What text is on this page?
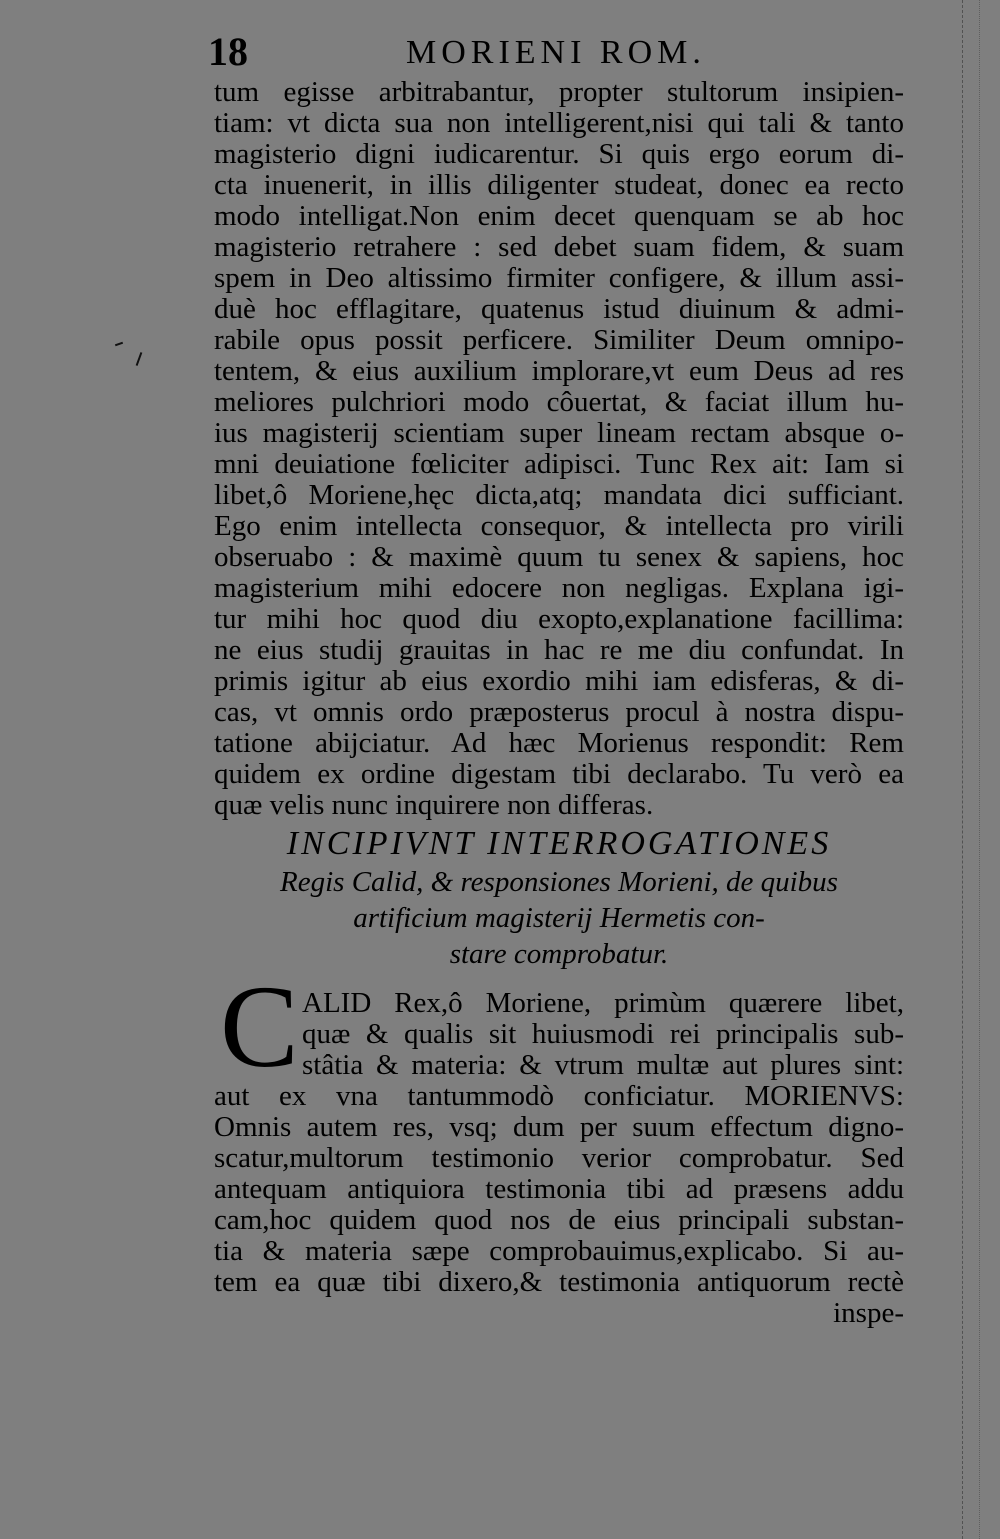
18	MORIENI ROM.
tum egisse arbitrabantur, propter stultorum insipien-
tiam: vt dicta sua non intelligerent,nisi qui tali & tanto
magisterio digni iudicarentur. Si quis ergo eorum di-
cta inuenerit, in illis diligenter studeat, donec ea recto
modo intelligat.Non enim decet quenquam se ab hoc
magisterio retrahere : sed debet suam fidem, & suam
spem in Deo altissimo firmiter configere, & illum assi-
duè hoc efflagitare, quatenus istud diuinum & admi-
rabile opus possit perficere. Similiter Deum omnipo-
tentem, & eius auxilium implorare,vt eum Deus ad res
meliores pulchriori modo côuertat, & faciat illum hu-
ius magisterij scientiam super lineam rectam absque o-
mni deuiatione fœliciter adipisci. Tunc Rex ait: Iam si
libet,ô Moriene,hęc dicta,atq; mandata dici sufficiant.
Ego enim intellecta consequor, & intellecta pro virili
obseruabo : & maximè quum tu senex & sapiens, hoc
magisterium mihi edocere non negligas. Explana igi-
tur mihi hoc quod diu exopto,explanatione facillima:
ne eius studij grauitas in hac re me diu confundat. In
primis igitur ab eius exordio mihi iam edisferas, & di-
cas, vt omnis ordo præposterus procul à nostra dispu-
tatione abijciatur. Ad hæc Morienus respondit: Rem
quidem ex ordine digestam tibi declarabo. Tu verò ea
quæ velis nunc inquirere non differas.
INCIPIVNT INTERROGATIONES
Regis Calid, & responsiones Morieni, de quibus
artificium magisterij Hermetis con-
stare comprobatur.
C ALID Rex,ô Moriene, primùm quærere libet,
quæ & qualis sit huiusmodi rei principalis sub-
stâtia & materia: & vtrum multæ aut plures sint:
aut ex vna tantummodò conficiatur. MORIENVS:
Omnis autem res, vsq; dum per suum effectum digno-
scatur,multorum testimonio verior comprobatur. Sed
antequam antiquiora testimonia tibi ad præsens addu
cam,hoc quidem quod nos de eius principali substan-
tia & materia sæpe comprobauimus,explicabo. Si au-
tem ea quæ tibi dixero,& testimonia antiquorum rectè
inspe-
